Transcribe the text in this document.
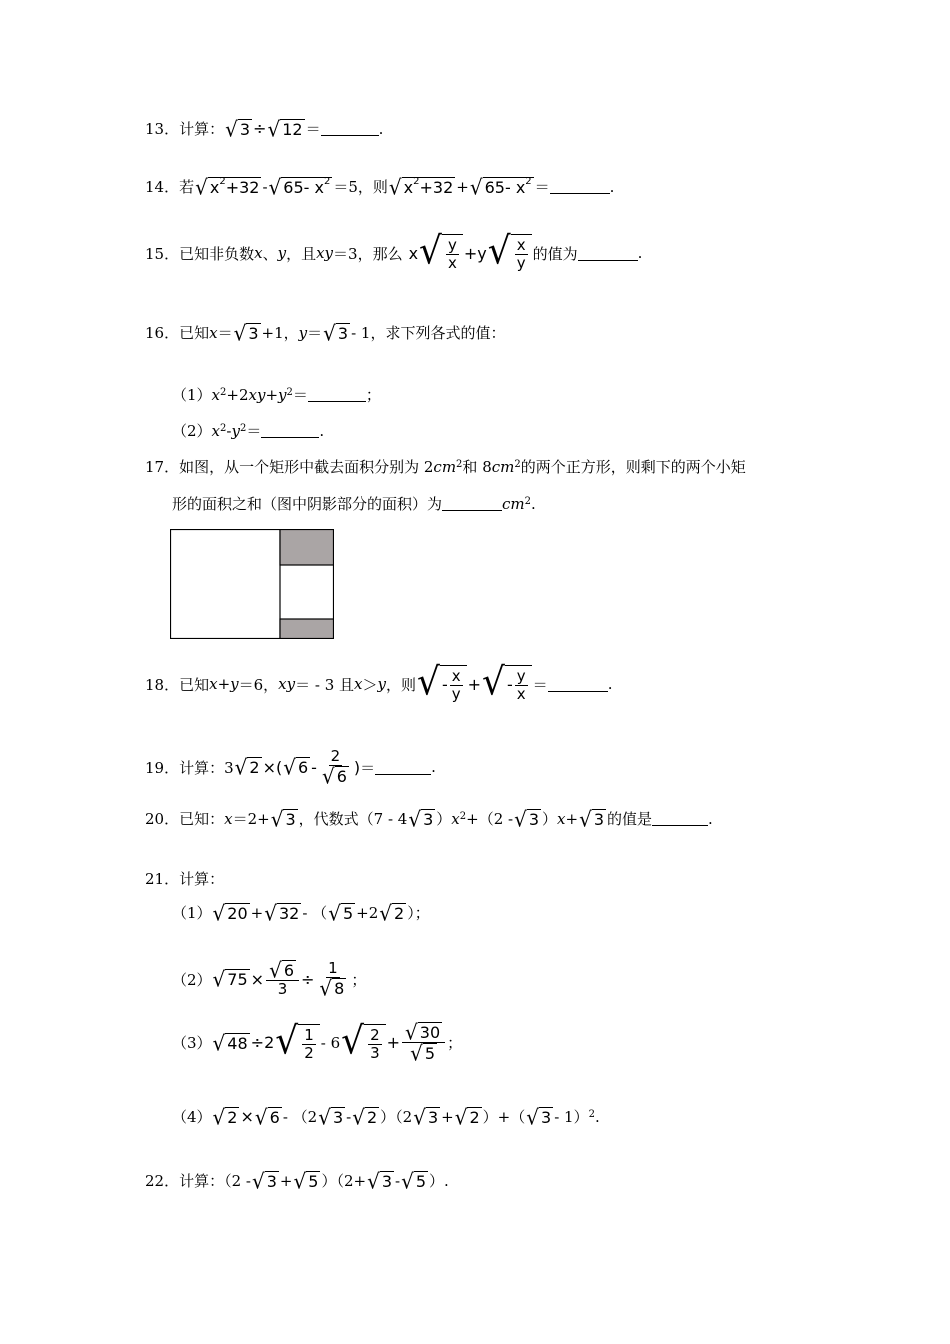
13． 计算： √ 3 ÷ √ 12 ＝	.
14． 若 √ $x^2+32$ - √ 65- $x^2 =5$，则 √ $x^2+32$ + √ 65- $x^2$ ＝	.
15． 已知非负数 x 、 y ，且 xy ＝3，那么 x √ $\frac{y}{x} +y$ √ $\frac{x}{y}$ 的值为	.
16． 已知 x ＝ √ 3 +1， y ＝ √ 3 - 1，求下列各式的值：
（1） $x^2 +2$ xy + $y^2$ ＝	；
（2） $x^2 - y^2$ ＝	.
17． 如图，从一个矩形中截去面积分别为 2 $cm^2$ 和 8 $cm^2$ 的两个正方形，则剩下的两个小矩
形的面积之和（图中阴影部分的面积）为	$cm^2$ .
18． 已知 x+y ＝6， xy ＝ - 3 且 x ＞ y ，则 √ - $\frac{x}{y}$ + √ - $\frac{y}{x}$ ＝	.
19． 计算：3 √ 2 × ( √ $6 - \frac{2}{√ 6}$ ) ＝	.
20． 已知： x ＝2+ √ 3 ，代数式（7 - 4 √ 3 ） $x^2 +(2$ - √ 3 ） x + √ 3 的值是	.
21． 计算：
（1） √ 20 + √ 32 - （ √ 5 +2 √ 2 ）；
（2） √ $75 \times \frac{√ 6}{3} \div \frac{1}{√ 8}$ ；
（3） √ 48 ÷2 √ $\frac{1}{2} - 6$ √ $\frac{2}{3} + \frac{√ 30}{√ 5}$ ；
（4） √ 2 × √ 6 - （2 √ 3 - √ 2 ）（2 √ 3 + √ 2 ）+（ √ 3 - 1）$^2$ .
22． 计算：（2 - √ 3 + √ 5 ）（2+ √ 3 - √ 5 ）.
